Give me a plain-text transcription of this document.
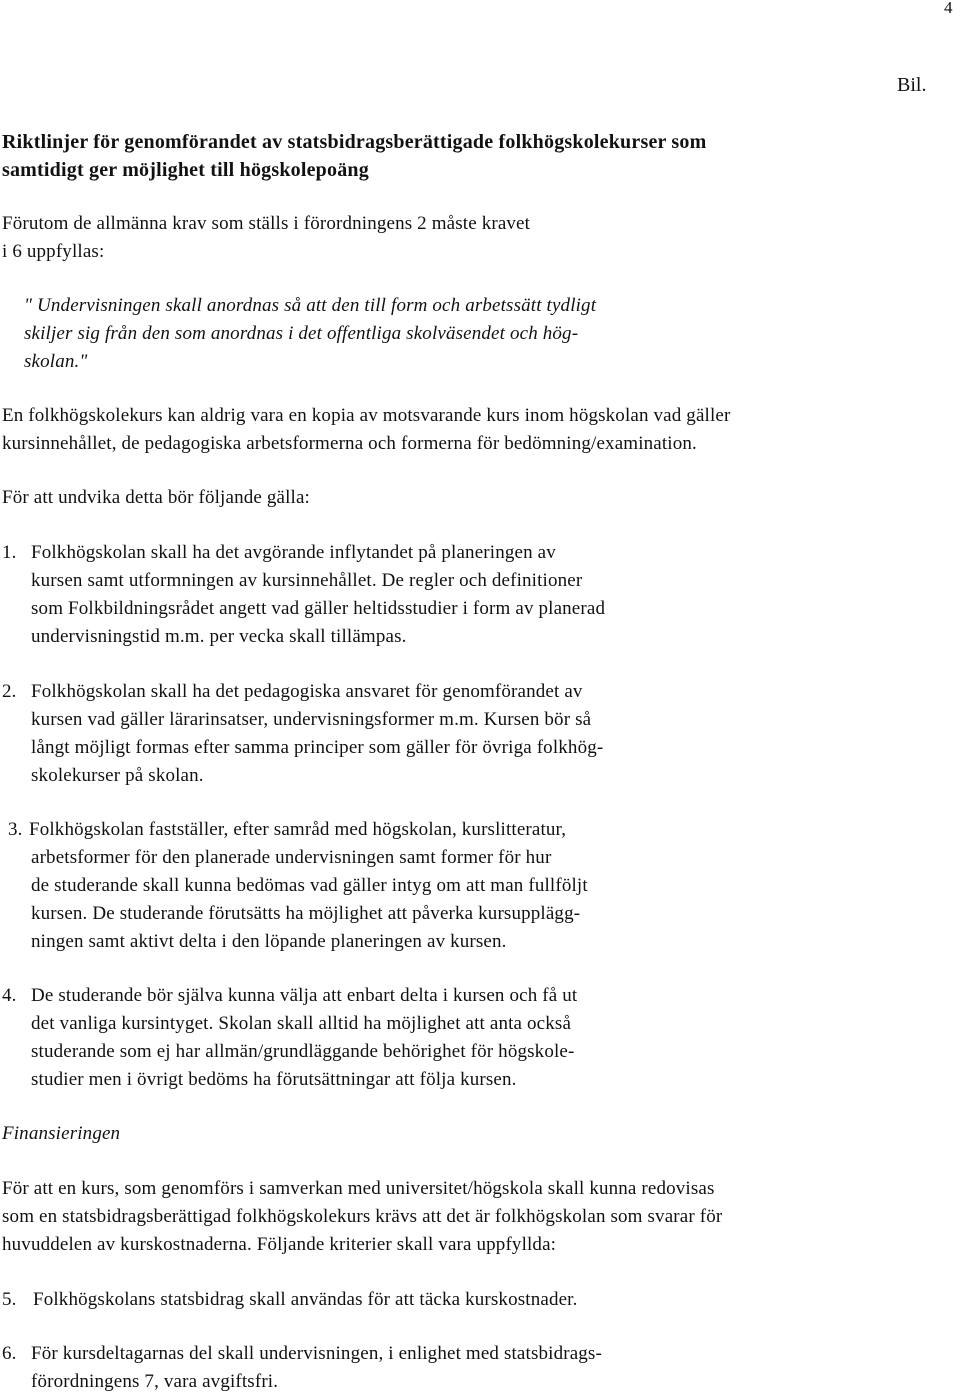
4
Bil.
Riktlinjer för genomförandet av statsbidragsberättigade folkhögskolekurser som
samtidigt ger möjlighet till högskolepoäng
Förutom de allmänna krav som ställs i förordningens 2 måste kravet
i 6 uppfyllas:
" Undervisningen skall anordnas så att den till form och arbetssätt tydligt
skiljer sig från den som anordnas i det offentliga skolväsendet och hög-
skolan."
En folkhögskolekurs kan aldrig vara en kopia av motsvarande kurs inom högskolan vad gäller
kursinnehållet, de pedagogiska arbetsformerna och formerna för bedömning/examination.
För att undvika detta bör följande gälla:
1. Folkhögskolan skall ha det avgörande inflytandet på planeringen av
kursen samt utformningen av kursinnehållet. De regler och definitioner
som Folkbildningsrådet angett vad gäller heltidsstudier i form av planerad
undervisningstid m.m. per vecka skall tillämpas.
2. Folkhögskolan skall ha det pedagogiska ansvaret för genomförandet av
kursen vad gäller lärarinsatser, undervisningsformer m.m. Kursen bör så
långt möjligt formas efter samma principer som gäller för övriga folkhög-
skolekurser på skolan.
3. Folkhögskolan fastställer, efter samråd med högskolan, kurslitteratur,
arbetsformer för den planerade undervisningen samt former för hur
de studerande skall kunna bedömas vad gäller intyg om att man fullföljt
kursen. De studerande förutsätts ha möjlighet att påverka kursupplägg-
ningen samt aktivt delta i den löpande planeringen av kursen.
4. De studerande bör själva kunna välja att enbart delta i kursen och få ut
det vanliga kursintyget. Skolan skall alltid ha möjlighet att anta också
studerande som ej har allmän/grundläggande behörighet för högskole-
studier men i övrigt bedöms ha förutsättningar att följa kursen.
Finansieringen
För att en kurs, som genomförs i samverkan med universitet/högskola skall kunna redovisas
som en statsbidragsberättigad folkhögskolekurs krävs att det är folkhögskolan som svarar för
huvuddelen av kurskostnaderna. Följande kriterier skall vara uppfyllda:
5. Folkhögskolans statsbidrag skall användas för att täcka kurskostnader.
6. För kursdeltagarnas del skall undervisningen, i enlighet med statsbidrags-
förordningens 7, vara avgiftsfri.
